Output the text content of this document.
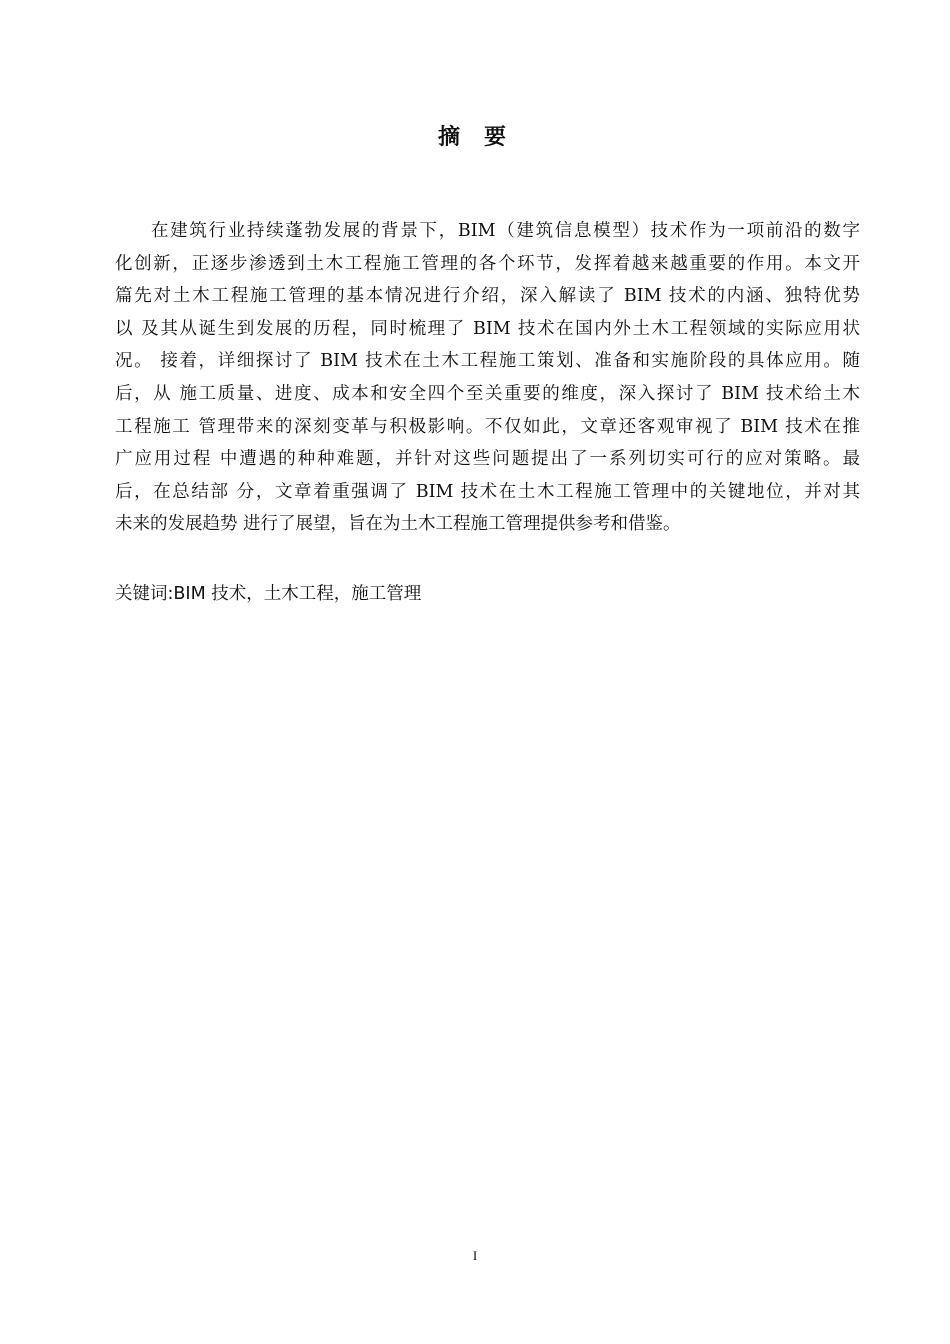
摘 要
在建筑行业持续蓬勃发展的背景下，BIM（建筑信息模型）技术作为一项前沿的数字
化创新，正逐步渗透到土木工程施工管理的各个环节，发挥着越来越重要的作用。本文开
篇先对土木工程施工管理的基本情况进行介绍，深入解读了 BIM 技术的内涵、独特优势
以 及其从诞生到发展的历程，同时梳理了 BIM 技术在国内外土木工程领域的实际应用状
况。 接着，详细探讨了 BIM 技术在土木工程施工策划、准备和实施阶段的具体应用。随
后，从 施工质量、进度、成本和安全四个至关重要的维度，深入探讨了 BIM 技术给土木
工程施工 管理带来的深刻变革与积极影响。不仅如此，文章还客观审视了 BIM 技术在推
广应用过程 中遭遇的种种难题，并针对这些问题提出了一系列切实可行的应对策略。最
后，在总结部 分，文章着重强调了 BIM 技术在土木工程施工管理中的关键地位，并对其
未来的发展趋势 进行了展望，旨在为土木工程施工管理提供参考和借鉴。
关键词:BIM 技术，土木工程，施工管理
I
